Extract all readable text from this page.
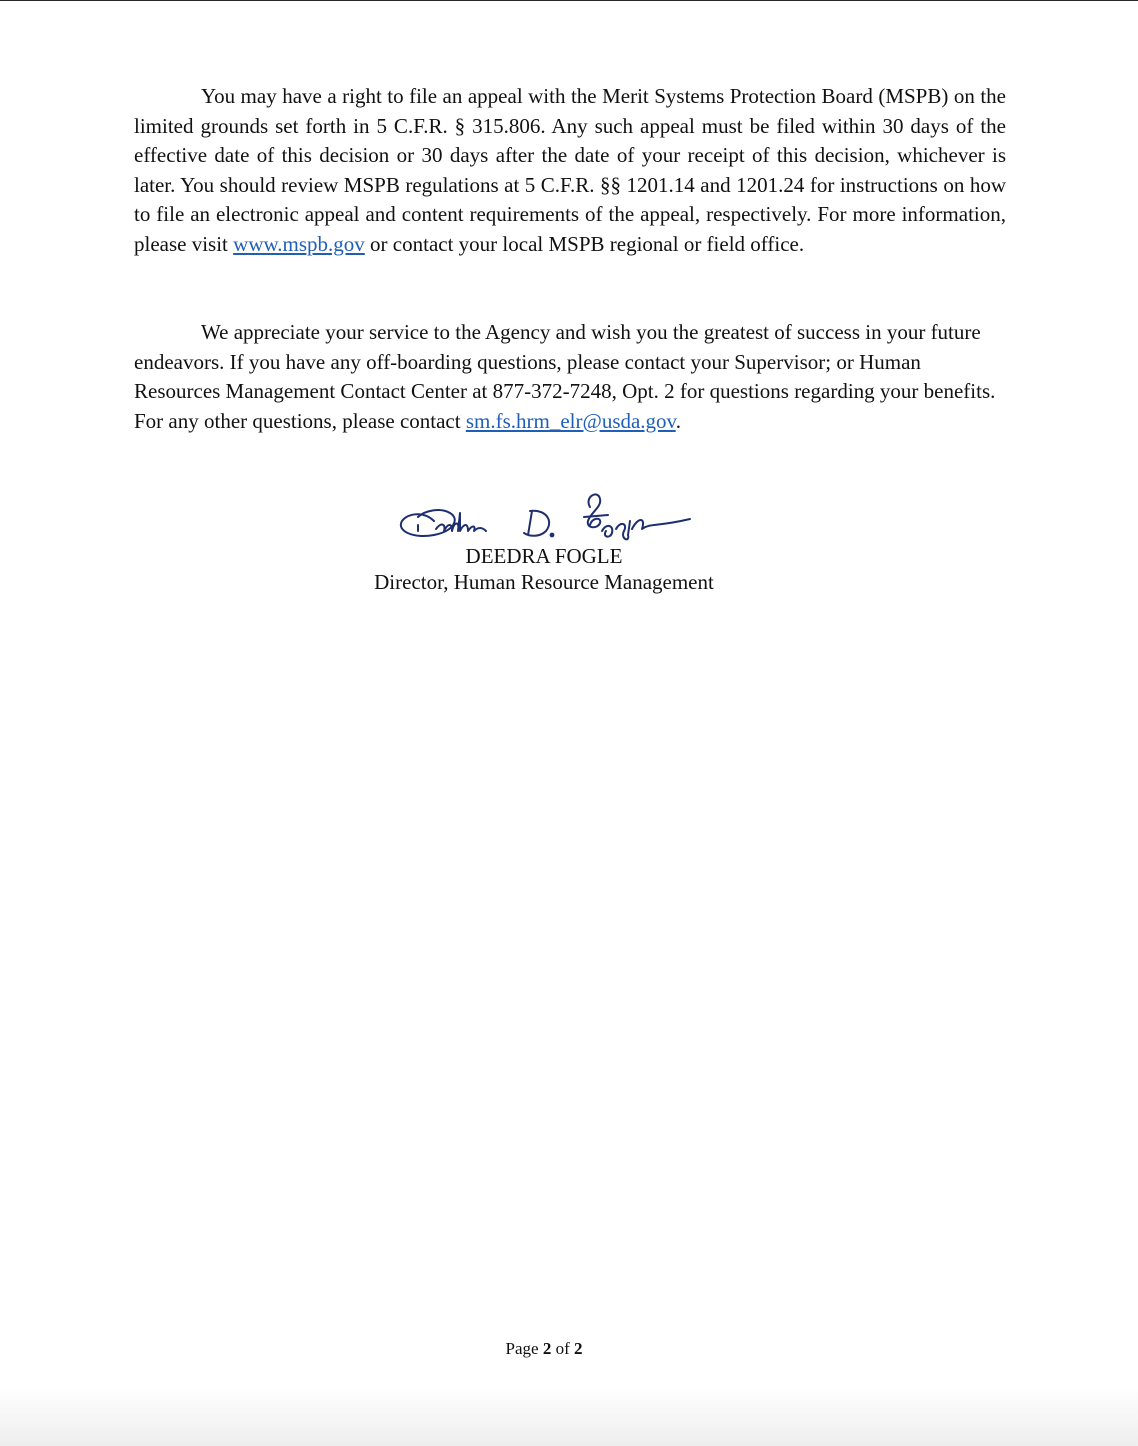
You may have a right to file an appeal with the Merit Systems Protection Board (MSPB) on the limited grounds set forth in 5 C.F.R. § 315.806. Any such appeal must be filed within 30 days of the effective date of this decision or 30 days after the date of your receipt of this decision, whichever is later. You should review MSPB regulations at 5 C.F.R. §§ 1201.14 and 1201.24 for instructions on how to file an electronic appeal and content requirements of the appeal, respectively. For more information, please visit www.mspb.gov or contact your local MSPB regional or field office.

We appreciate your service to the Agency and wish you the greatest of success in your future endeavors. If you have any off-boarding questions, please contact your Supervisor; or Human Resources Management Contact Center at 877-372-7248, Opt. 2 for questions regarding your benefits. For any other questions, please contact sm.fs.hrm_elr@usda.gov.

DEEDRA FOGLE
Director, Human Resource Management
Page 2 of 2
